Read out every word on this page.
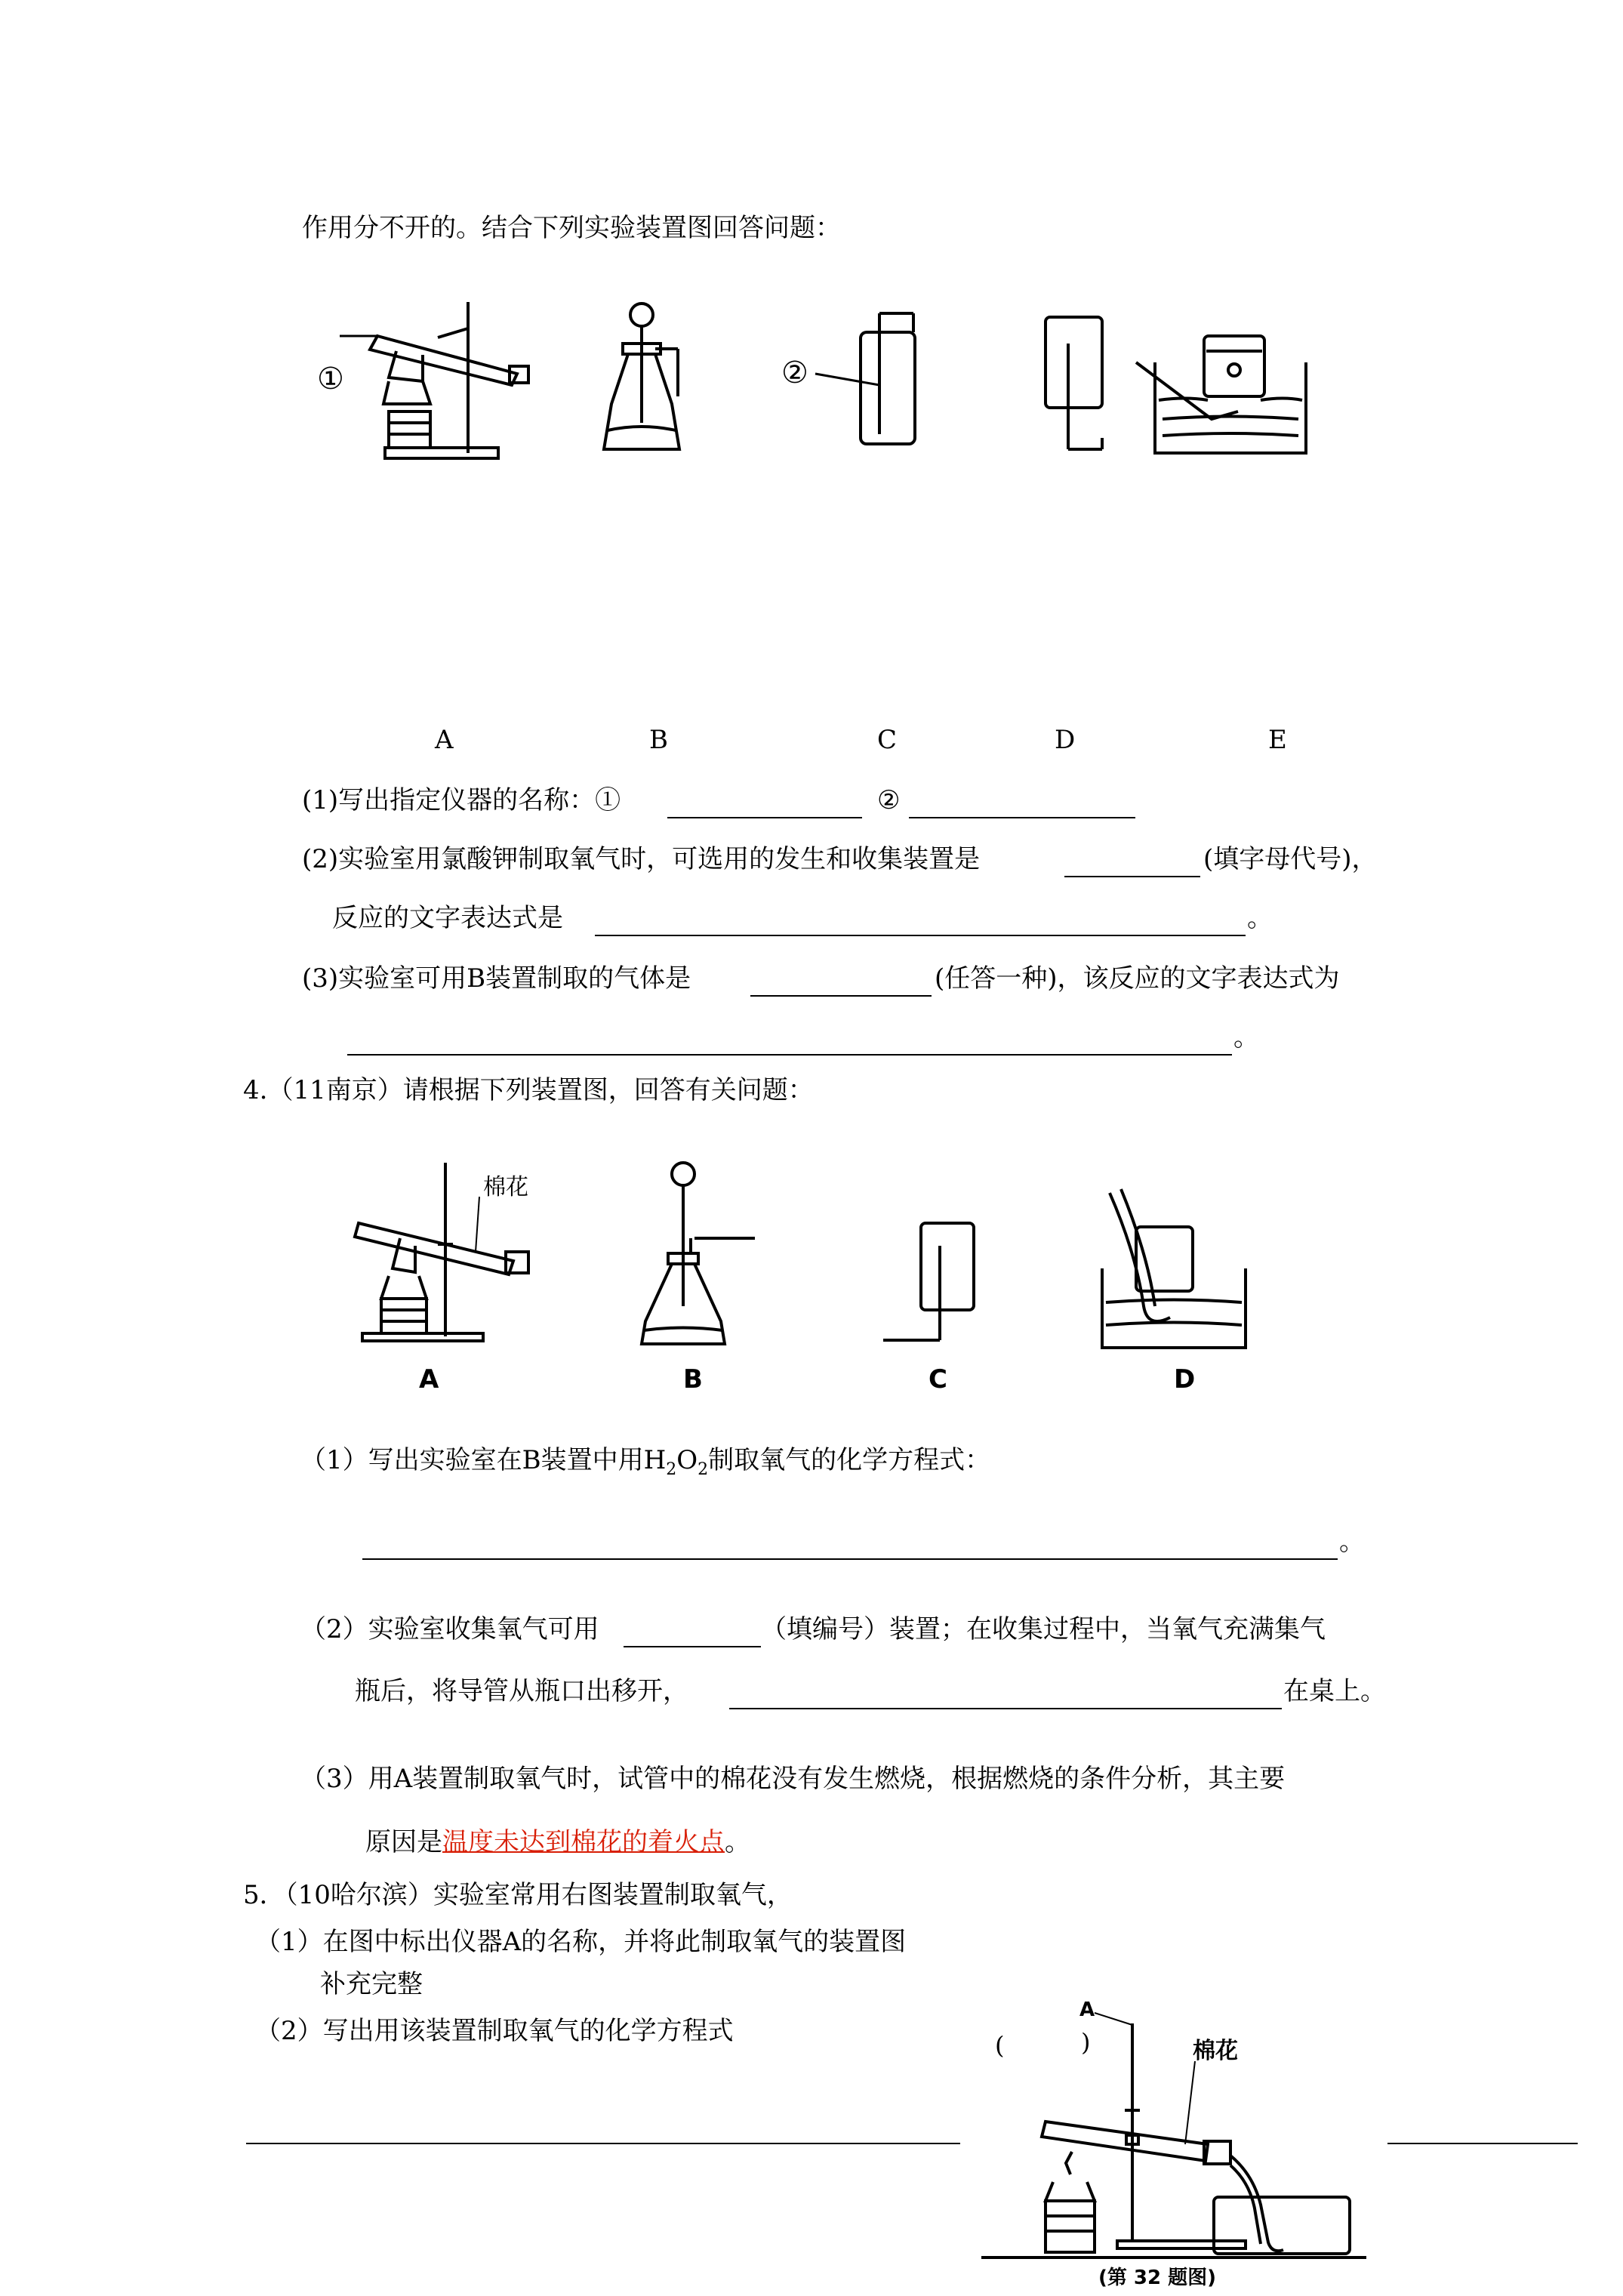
作用分不开的。结合下列实验装置图回答问题：
①	②
A	B	C	D	E
(1)写出指定仪器的名称：①	②
(2)实验室用氯酸钾制取氧气时，可选用的发生和收集装置是	(填字母代号)，
反应的文字表达式是	。
(3)实验室可用B装置制取的气体是	(任答一种)，该反应的文字表达式为
。
4.（11南京）请根据下列装置图，回答有关问题：
棉花
A	B	C	D
（1）写出实验室在B装置中用$H_2O_2$制取氧气的化学方程式：
。
（2）实验室收集氧气可用	（填编号）装置；在收集过程中，当氧气充满集气
瓶后，将导管从瓶口出移开，	在桌上。
（3）用A装置制取氧气时，试管中的棉花没有发生燃烧，根据燃烧的条件分析，其主要
原因是温度未达到棉花的着火点。
5．（10哈尔滨）实验室常用右图装置制取氧气，
（1）在图中标出仪器A的名称，并将此制取氧气的装置图
补充完整
（2）写出用该装置制取氧气的化学方程式
A
(	)	棉花
(第 32 题图)
